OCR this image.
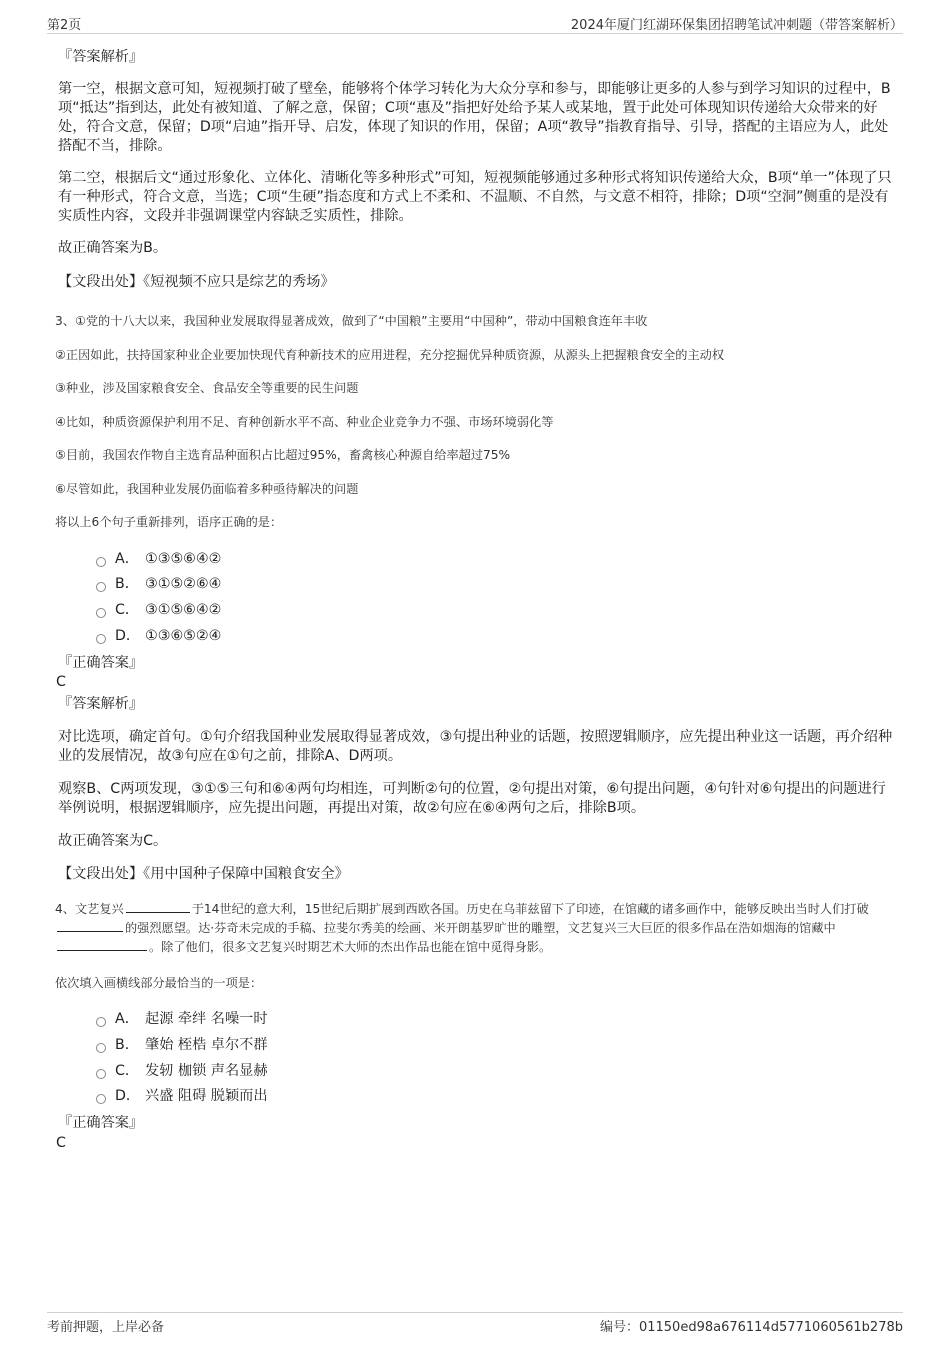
第2页	2024年厦门红湖环保集团招聘笔试冲刺题（带答案解析）
『答案解析』

第一空，根据文意可知，短视频打破了壁垒，能够将个体学习转化为大众分享和参与，即能够让更多的人参与到学习知识的过程中，B项“抵达”指到达，此处有被知道、了解之意，保留；C项“惠及”指把好处给予某人或某地，置于此处可体现知识传递给大众带来的好处，符合文意，保留；D项“启迪”指开导、启发，体现了知识的作用，保留；A项“教导”指教育指导、引导，搭配的主语应为人，此处搭配不当，排除。

第二空，根据后文“通过形象化、立体化、清晰化等多种形式”可知，短视频能够通过多种形式将知识传递给大众，B项“单一”体现了只有一种形式，符合文意，当选；C项“生硬”指态度和方式上不柔和、不温顺、不自然，与文意不相符，排除；D项“空洞”侧重的是没有实质性内容，文段并非强调课堂内容缺乏实质性，排除。

故正确答案为B。
【文段出处】《短视频不应只是综艺的秀场》
3、①党的十八大以来，我国种业发展取得显著成效，做到了“中国粮”主要用“中国种”，带动中国粮食连年丰收
②正因如此，扶持国家种业企业要加快现代育种新技术的应用进程，充分挖掘优异种质资源，从源头上把握粮食安全的主动权
③种业，涉及国家粮食安全、食品安全等重要的民生问题
④比如，种质资源保护利用不足、育种创新水平不高、种业企业竞争力不强、市场环境弱化等
⑤目前，我国农作物自主选育品种面积占比超过95%，畜禽核心种源自给率超过75%
⑥尽管如此，我国种业发展仍面临着多种亟待解决的问题
将以上6个句子重新排列，语序正确的是：
A． ①③⑤⑥④②
B． ③①⑤②⑥④
C． ③①⑤⑥④②
D． ①③⑥⑤②④
『正确答案』
C
『答案解析』

对比选项，确定首句。①句介绍我国种业发展取得显著成效，③句提出种业的话题，按照逻辑顺序，应先提出种业这一话题，再介绍种业的发展情况，故③句应在①句之前，排除A、D两项。

观察B、C两项发现，③①⑤三句和⑥④两句均相连，可判断②句的位置，②句提出对策，⑥句提出问题，④句针对⑥句提出的问题进行举例说明，根据逻辑顺序，应先提出问题，再提出对策，故②句应在⑥④两句之后，排除B项。

故正确答案为C。
【文段出处】《用中国种子保障中国粮食安全》

4、文艺复兴	于14世纪的意大利，15世纪后期扩展到西欧各国。历史在乌菲兹留下了印迹，在馆藏的诸多画作中，能够反映出当时人们打破的强烈愿望。达·芬奇未完成的手稿、拉斐尔秀美的绘画、米开朗基罗旷世的雕塑，文艺复兴三大巨匠的很多作品在浩如烟海的馆藏中。除了他们，很多文艺复兴时期艺术大师的杰出作品也能在馆中觅得身影。

依次填入画横线部分最恰当的一项是：
A． 起源 牵绊 名噪一时
B． 肇始 桎梏 卓尔不群
C． 发轫 枷锁 声名显赫
D． 兴盛 阻碍 脱颖而出
『正确答案』
C
考前押题，上岸必备	编号：01150ed98a676114d5771060561b278b
